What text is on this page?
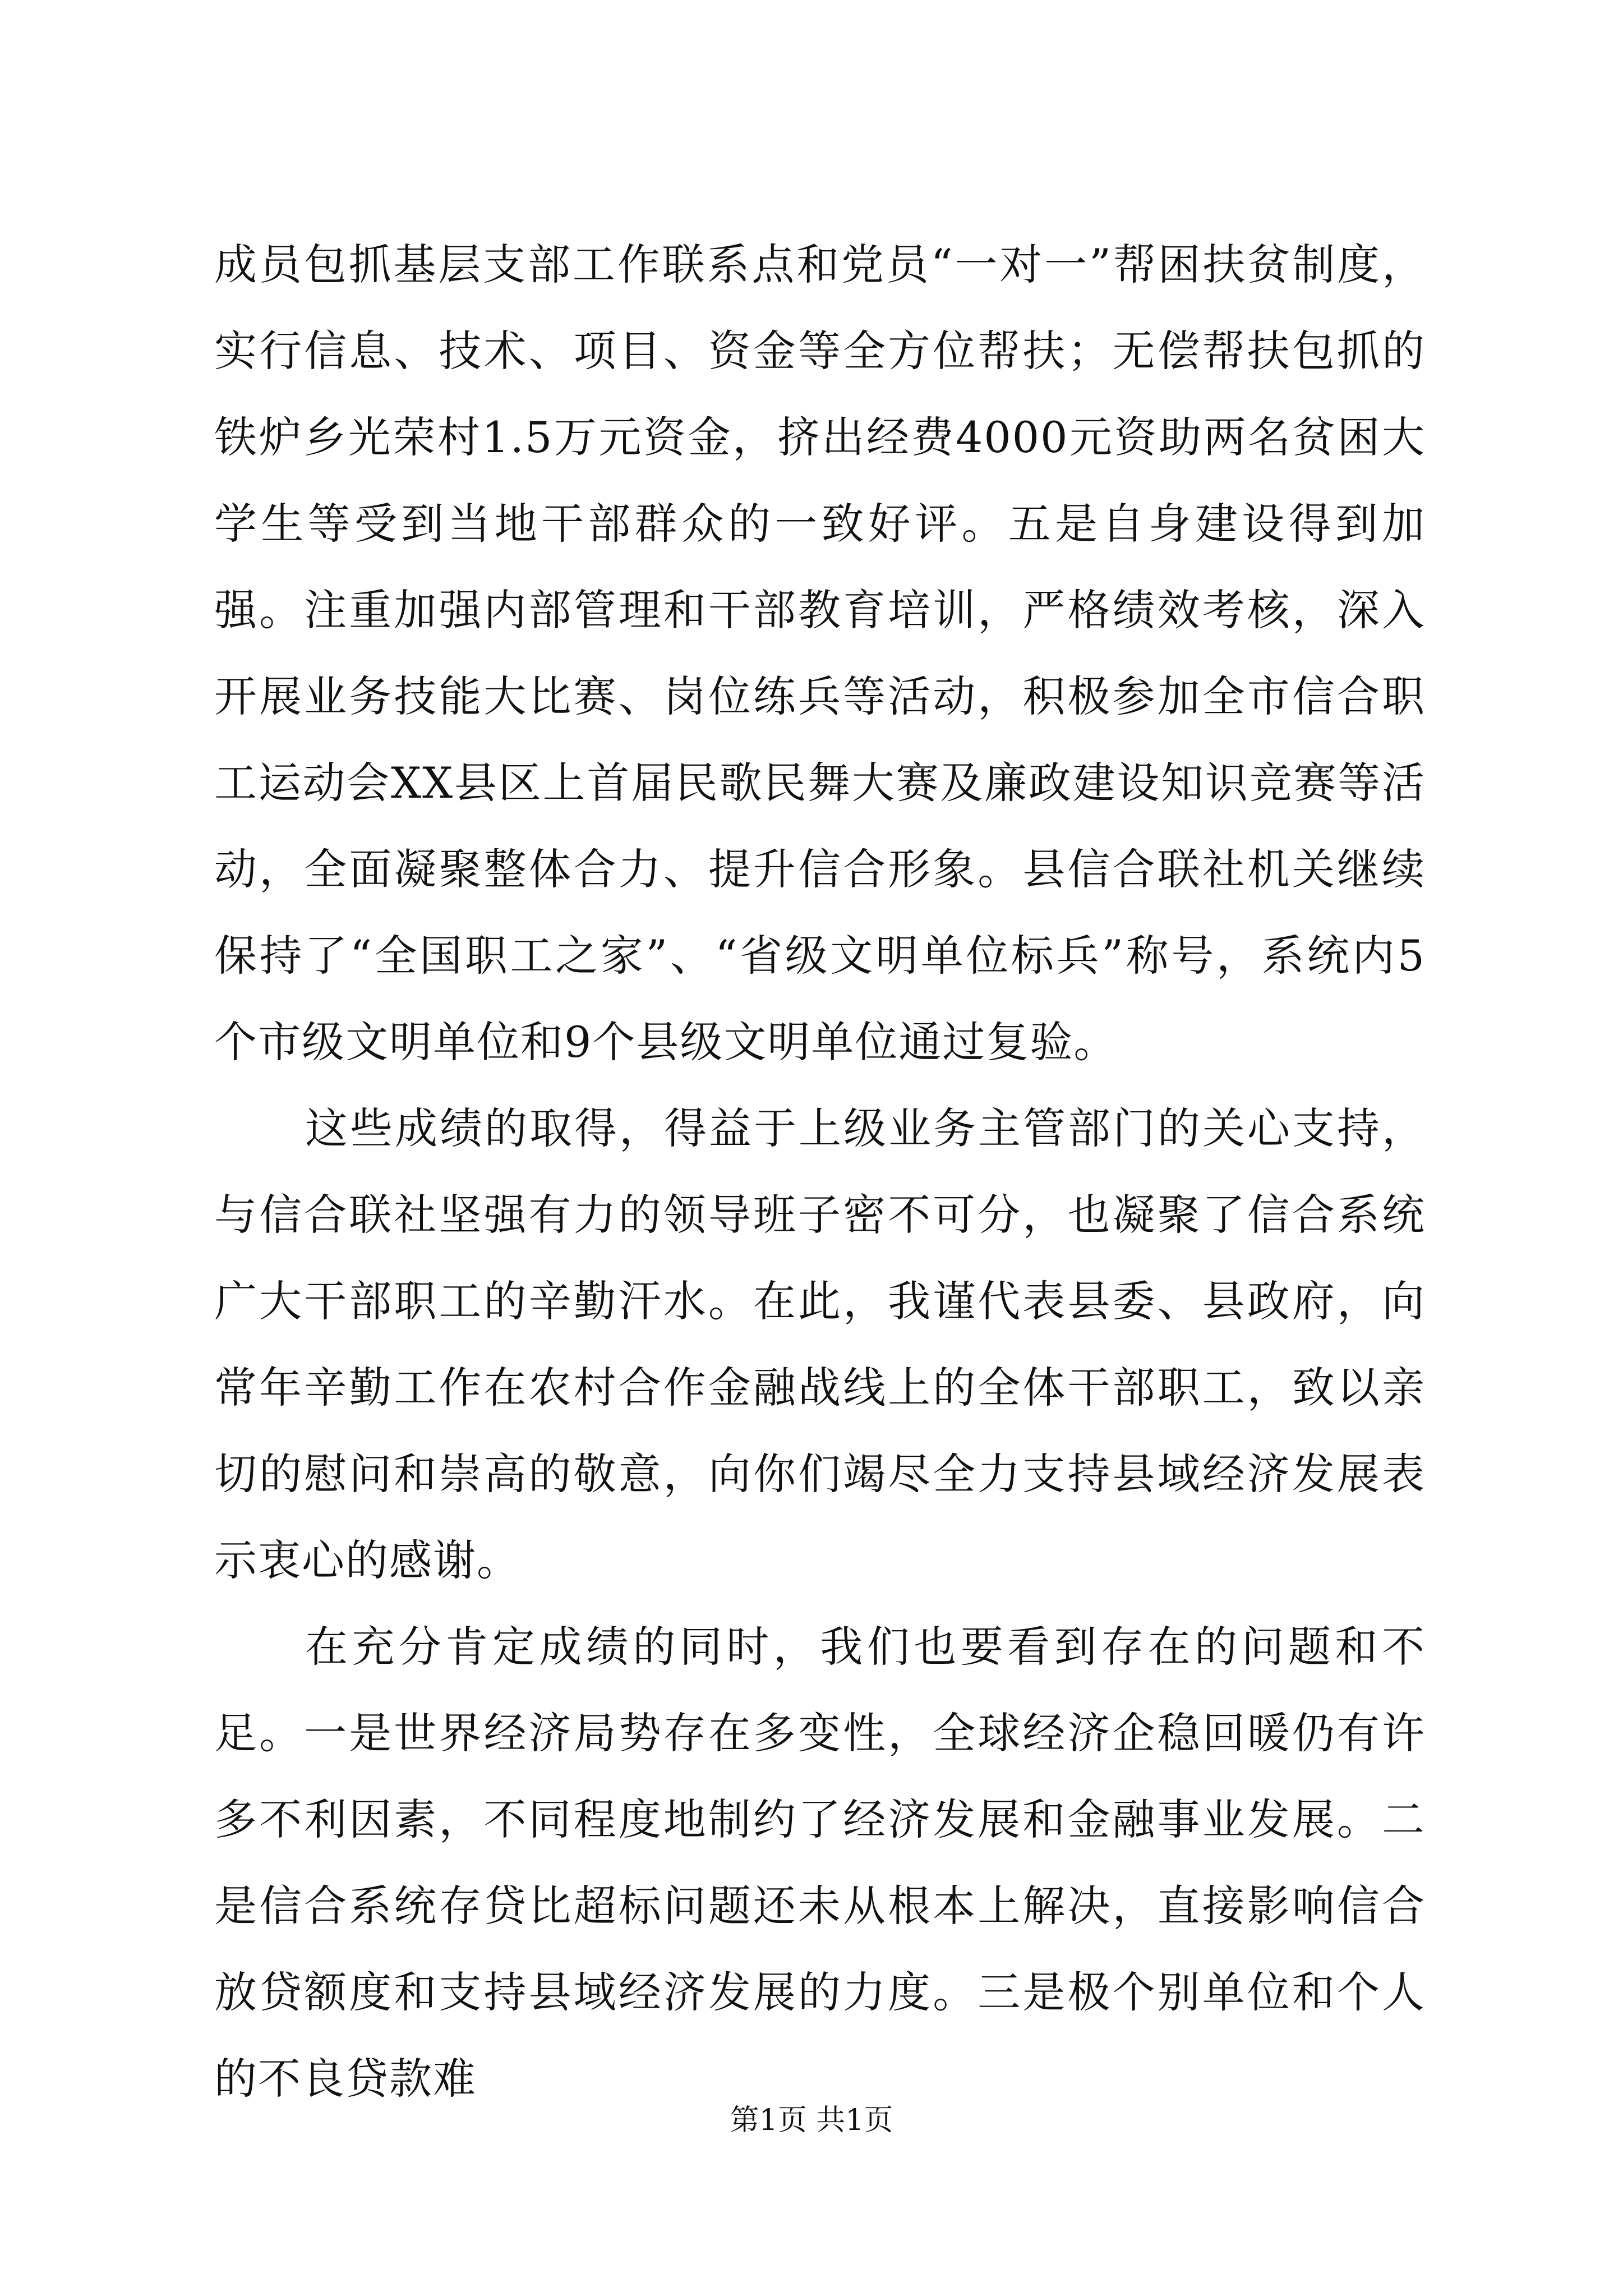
成员包抓基层支部工作联系点和党员“一对一”帮困扶贫制度，实行信息、技术、项目、资金等全方位帮扶；无偿帮扶包抓的铁炉乡光荣村1.5万元资金，挤出经费4000元资助两名贫困大学生等受到当地干部群众的一致好评。五是自身建设得到加强。注重加强内部管理和干部教育培训，严格绩效考核，深入开展业务技能大比赛、岗位练兵等活动，积极参加全市信合职工运动会XX县区上首届民歌民舞大赛及廉政建设知识竞赛等活动，全面凝聚整体合力、提升信合形象。县信合联社机关继续保持了“全国职工之家”、“省级文明单位标兵”称号，系统内5个市级文明单位和9个县级文明单位通过复验。

这些成绩的取得，得益于上级业务主管部门的关心支持，与信合联社坚强有力的领导班子密不可分，也凝聚了信合系统广大干部职工的辛勤汗水。在此，我谨代表县委、县政府，向常年辛勤工作在农村合作金融战线上的全体干部职工，致以亲切的慰问和崇高的敬意，向你们竭尽全力支持县域经济发展表示衷心的感谢。

在充分肯定成绩的同时，我们也要看到存在的问题和不足。一是世界经济局势存在多变性，全球经济企稳回暖仍有许多不利因素，不同程度地制约了经济发展和金融事业发展。二是信合系统存贷比超标问题还未从根本上解决，直接影响信合放贷额度和支持县域经济发展的力度。三是极个别单位和个人的不良贷款难

第1页 共1页
